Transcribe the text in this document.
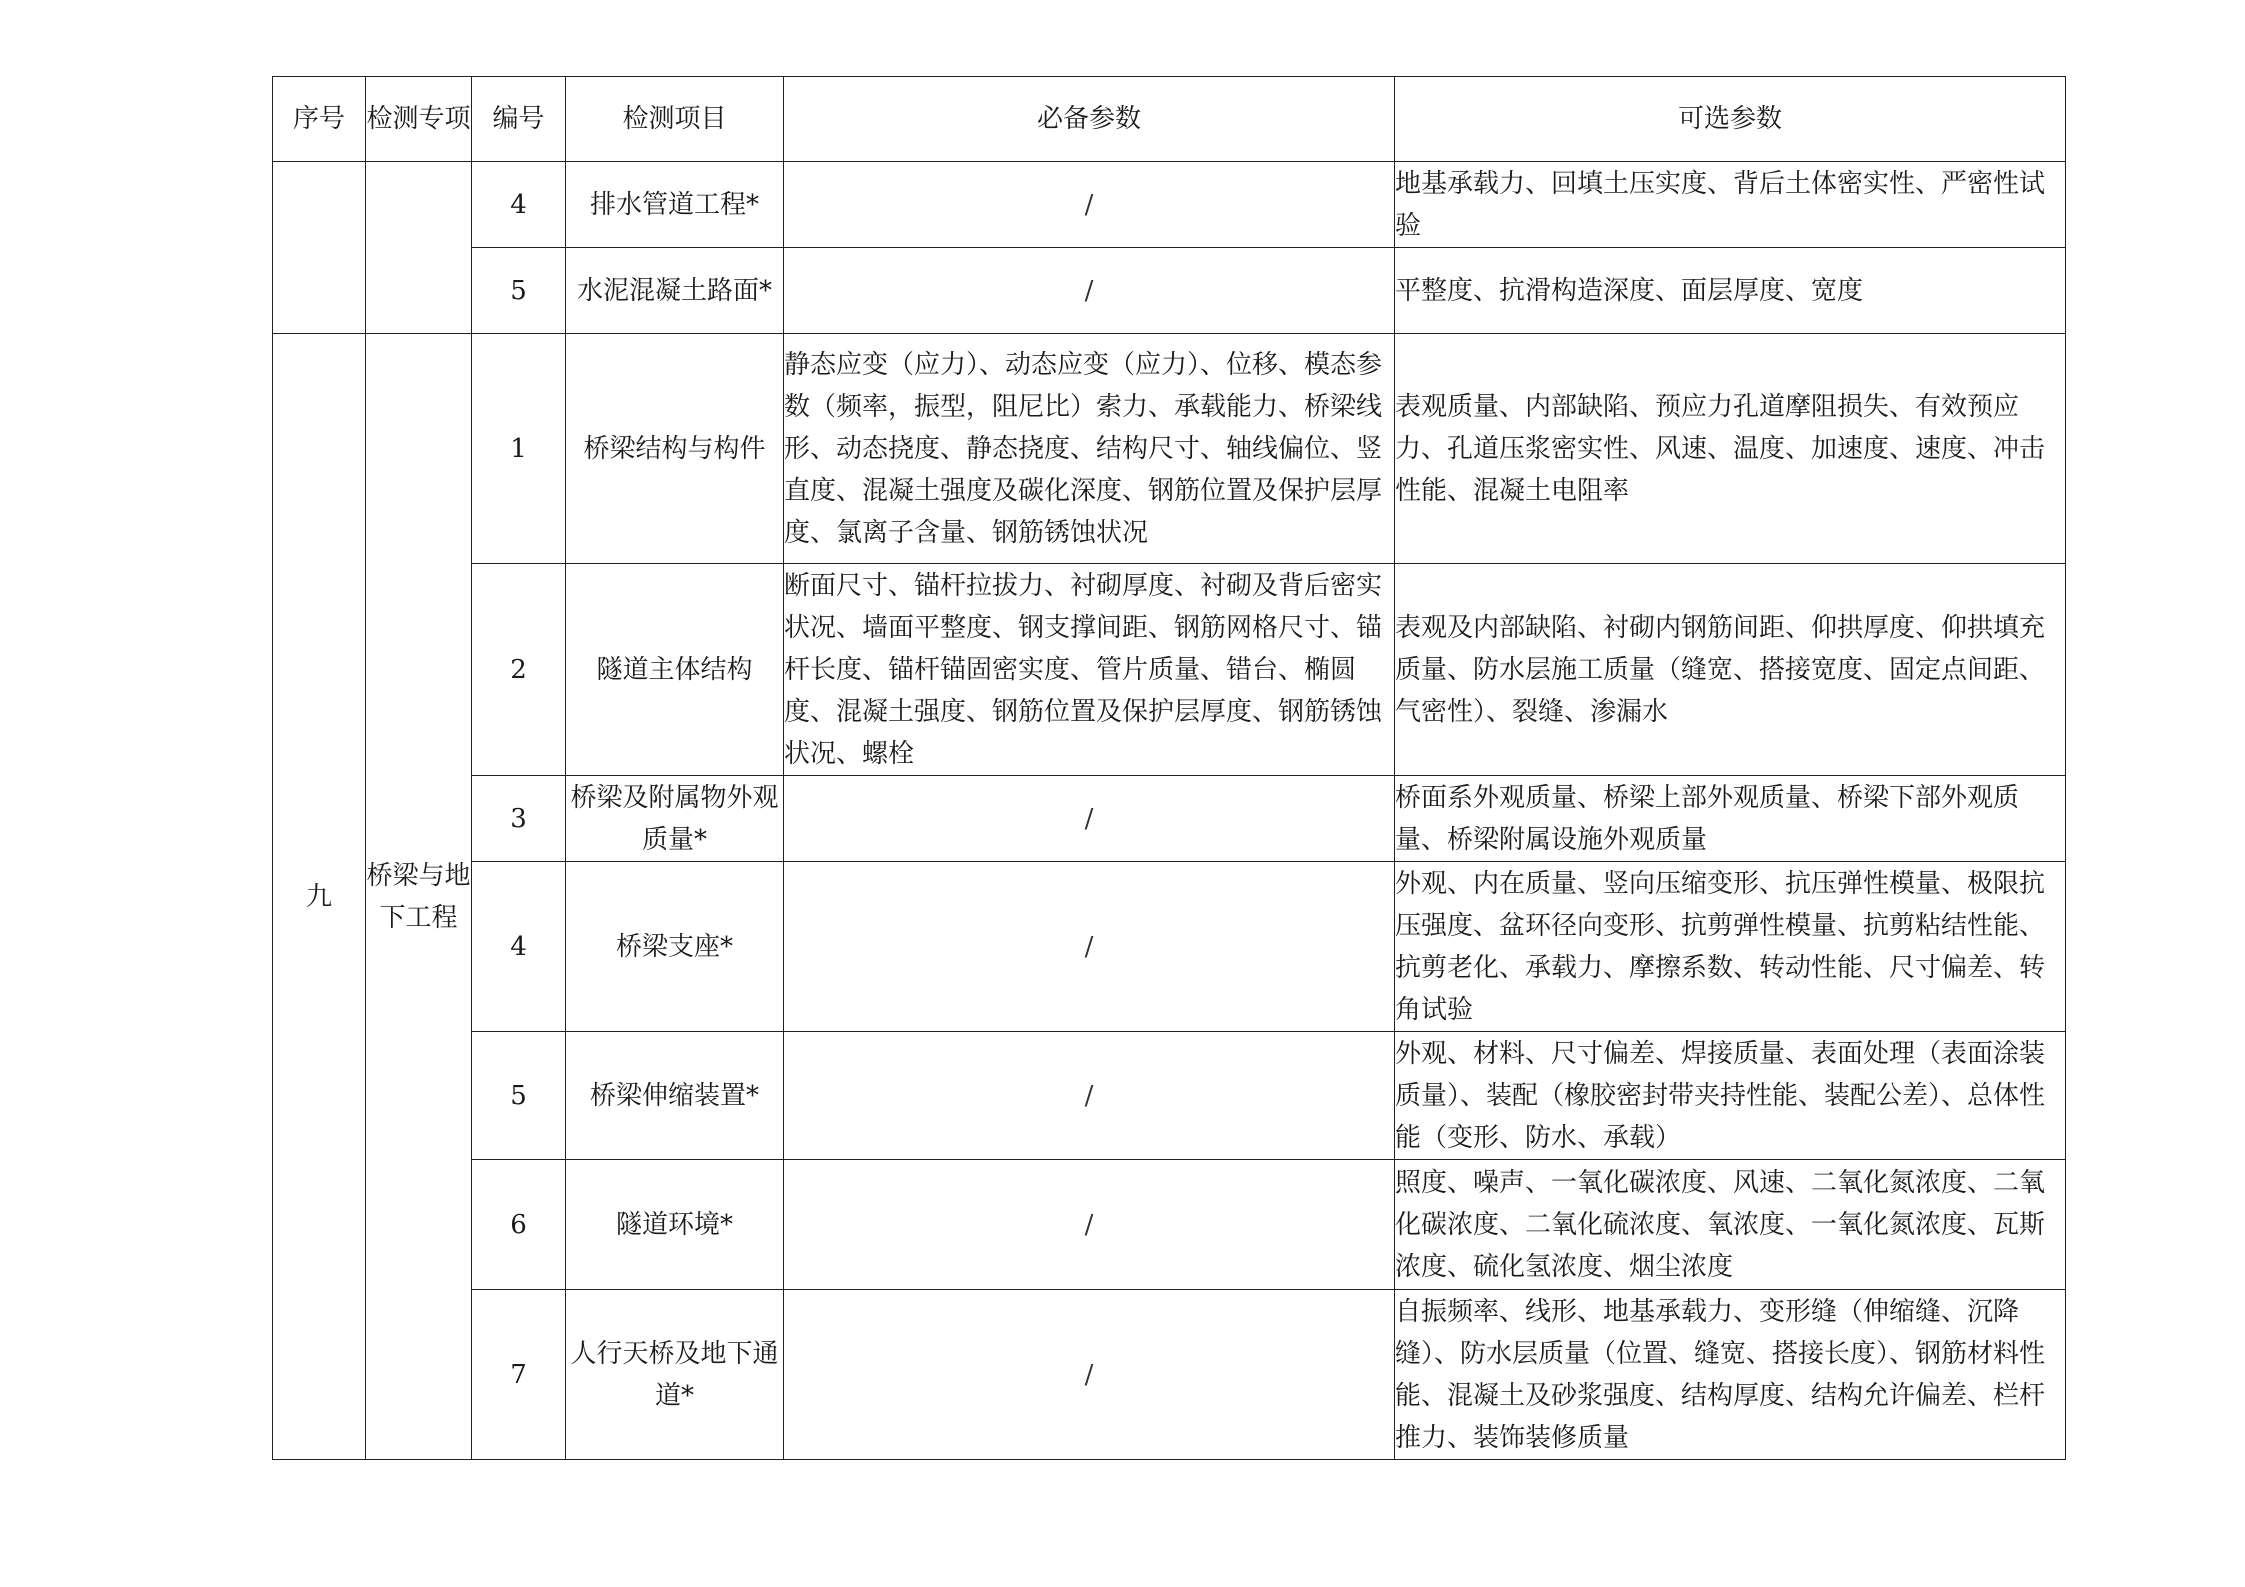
序号	检测专项	编号	检测项目	必备参数	可选参数
		4	排水管道工程*	/	地基承载力、回填土压实度、背后土体密实性、严密性试验
		5	水泥混凝土路面*	/	平整度、抗滑构造深度、面层厚度、宽度
九	桥梁与地下工程	1	桥梁结构与构件	静态应变（应力）、动态应变（应力）、位移、模态参数（频率，振型，阻尼比）索力、承载能力、桥梁线形、动态挠度、静态挠度、结构尺寸、轴线偏位、竖直度、混凝土强度及碳化深度、钢筋位置及保护层厚度、氯离子含量、钢筋锈蚀状况	表观质量、内部缺陷、预应力孔道摩阻损失、有效预应力、孔道压浆密实性、风速、温度、加速度、速度、冲击性能、混凝土电阻率
		2	隧道主体结构	断面尺寸、锚杆拉拔力、衬砌厚度、衬砌及背后密实状况、墙面平整度、钢支撑间距、钢筋网格尺寸、锚杆长度、锚杆锚固密实度、管片质量、错台、椭圆度、混凝土强度、钢筋位置及保护层厚度、钢筋锈蚀状况、螺栓	表观及内部缺陷、衬砌内钢筋间距、仰拱厚度、仰拱填充质量、防水层施工质量（缝宽、搭接宽度、固定点间距、气密性）、裂缝、渗漏水
		3	桥梁及附属物外观质量*	/	桥面系外观质量、桥梁上部外观质量、桥梁下部外观质量、桥梁附属设施外观质量
		4	桥梁支座*	/	外观、内在质量、竖向压缩变形、抗压弹性模量、极限抗压强度、盆环径向变形、抗剪弹性模量、抗剪粘结性能、抗剪老化、承载力、摩擦系数、转动性能、尺寸偏差、转角试验
		5	桥梁伸缩装置*	/	外观、材料、尺寸偏差、焊接质量、表面处理（表面涂装质量）、装配（橡胶密封带夹持性能、装配公差）、总体性能（变形、防水、承载）
		6	隧道环境*	/	照度、噪声、一氧化碳浓度、风速、二氧化氮浓度、二氧化碳浓度、二氧化硫浓度、氧浓度、一氧化氮浓度、瓦斯浓度、硫化氢浓度、烟尘浓度
		7	人行天桥及地下通道*	/	自振频率、线形、地基承载力、变形缝（伸缩缝、沉降缝）、防水层质量（位置、缝宽、搭接长度）、钢筋材料性能、混凝土及砂浆强度、结构厚度、结构允许偏差、栏杆推力、装饰装修质量
